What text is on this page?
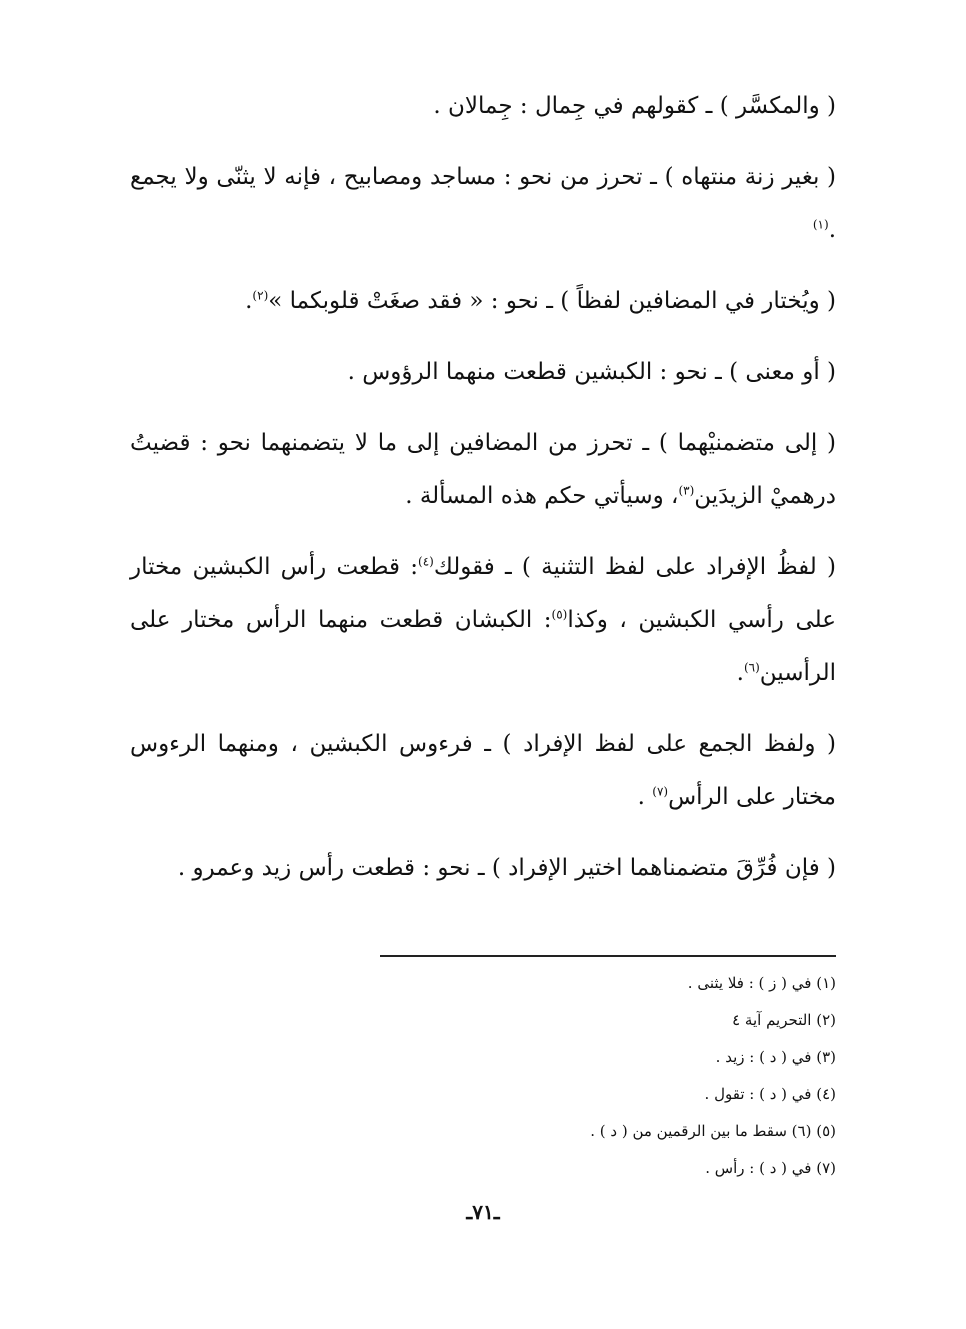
( والمكسَّر ) ـ كقولهم في جِمال : جِمالان .

( بغير زنة منتهاه ) ـ تحرز من نحو : مساجد ومصابيح ، فإنه لا يثنّى ولا يجمع .$^{(١)}$

( ويُختار في المضافين لفظاً ) ـ نحو : « فقد صغَتْ قلوبكما »$^{(٢)}$.

( أو معنى ) ـ نحو : الكبشين قطعت منهما الرؤوس .

( إلى متضمنيْهما ) ـ تحرز من المضافين إلى ما لا يتضمنهما نحو : قضيتُ درهميْ الزيدَين$^{(٣)}$، وسيأتي حكم هذه المسألة .

( لفظُ الإفراد على لفظ التثنية ) ـ فقولك$^{(٤)}$: قطعت رأس الكبشين مختار على رأسي الكبشين ، وكذا$^{(٥)}$: الكبشان قطعت منهما الرأس مختار على الرأسين$^{(٦)}$.

( ولفظ الجمع على لفظ الإفراد ) ـ فرءوس الكبشين ، ومنهما الرءوس مختار على الرأس$^{(٧)}$ .

( فإن فُرِّقَ متضمناهما اختير الإفراد ) ـ نحو : قطعت رأس زيد وعمرو .

(١) في ( ز ) : فلا يثنى .
(٢) التحريم آية ٤
(٣) في ( د ) : زيد .
(٤) في ( د ) : تقول .
(٥) (٦) سقط ما بين الرقمين من ( د ) .
(٧) في ( د ) : رأس .
ـ٧١ـ
